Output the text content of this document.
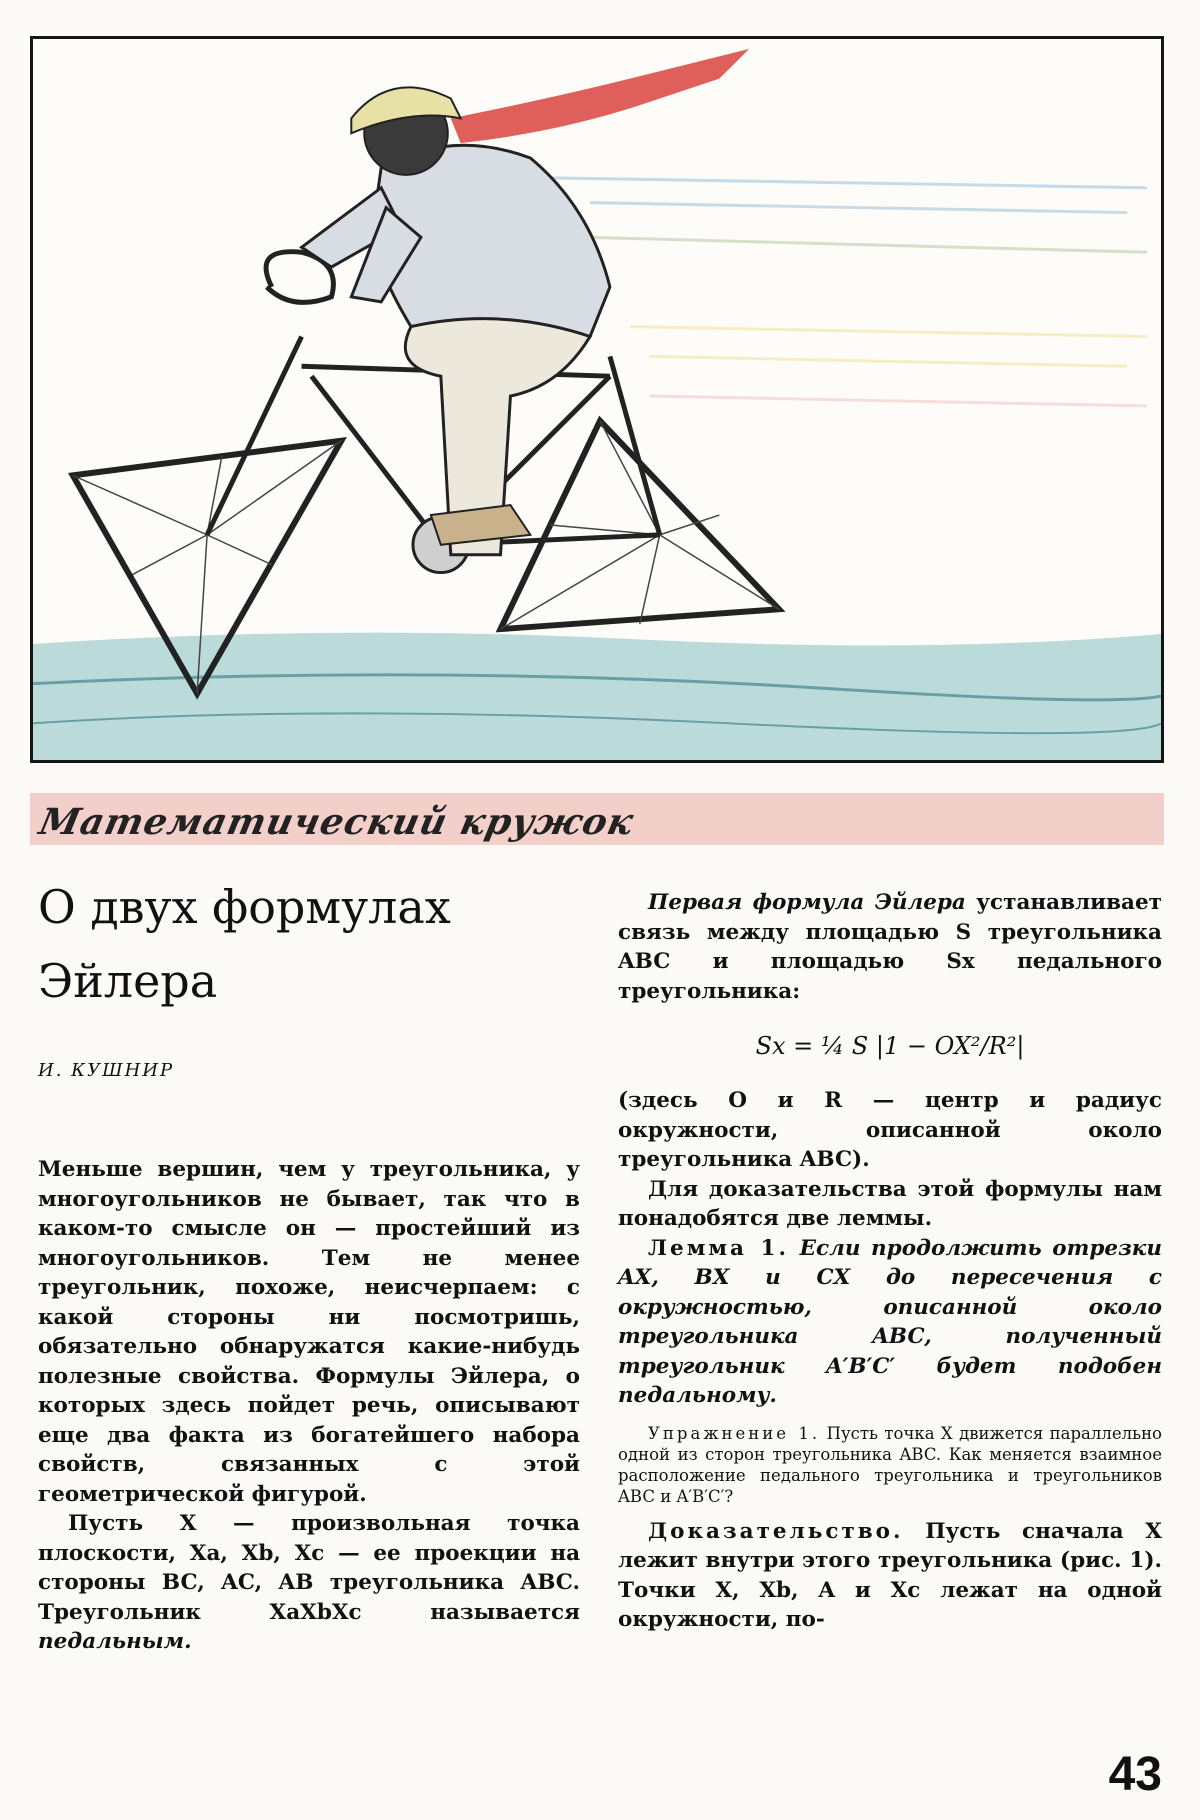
Математический кружок
О двух формулах
Эйлера
И. КУШНИР

Меньше вершин, чем у треугольника, у многоугольников не бывает, так что в каком-то смысле он — простейший из многоугольников. Тем не менее треугольник, похоже, неисчерпаем: с какой стороны ни посмотришь, обязательно обнаружатся какие-нибудь полезные свойства. Формулы Эйлера, о которых здесь пойдет речь, описывают еще два факта из богатейшего набора свойств, связанных с этой геометрической фигурой.

Пусть X — произвольная точка плоскости, Xa, Xb, Xc — ее проекции на стороны BC, AC, AB треугольника ABC. Треугольник XaXbXc называется педальным.

Первая формула Эйлера устанавливает связь между площадью S треугольника ABC и площадью Sx педального треугольника:

Sx = ¼ S |1 − OX²/R²|

(здесь O и R — центр и радиус окружности, описанной около треугольника ABC).

Для доказательства этой формулы нам понадобятся две леммы.

Лемма 1. Если продолжить отрезки AX, BX и CX до пересечения с окружностью, описанной около треугольника ABC, полученный треугольник A′B′C′ будет подобен педальному.

Упражнение 1. Пусть точка X движется параллельно одной из сторон треугольника ABC. Как меняется взаимное расположение педального треугольника и треугольников ABC и A′B′C′?

Доказательство. Пусть сначала X лежит внутри этого треугольника (рис. 1). Точки X, Xb, A и Xc лежат на одной окружности, по-

43
